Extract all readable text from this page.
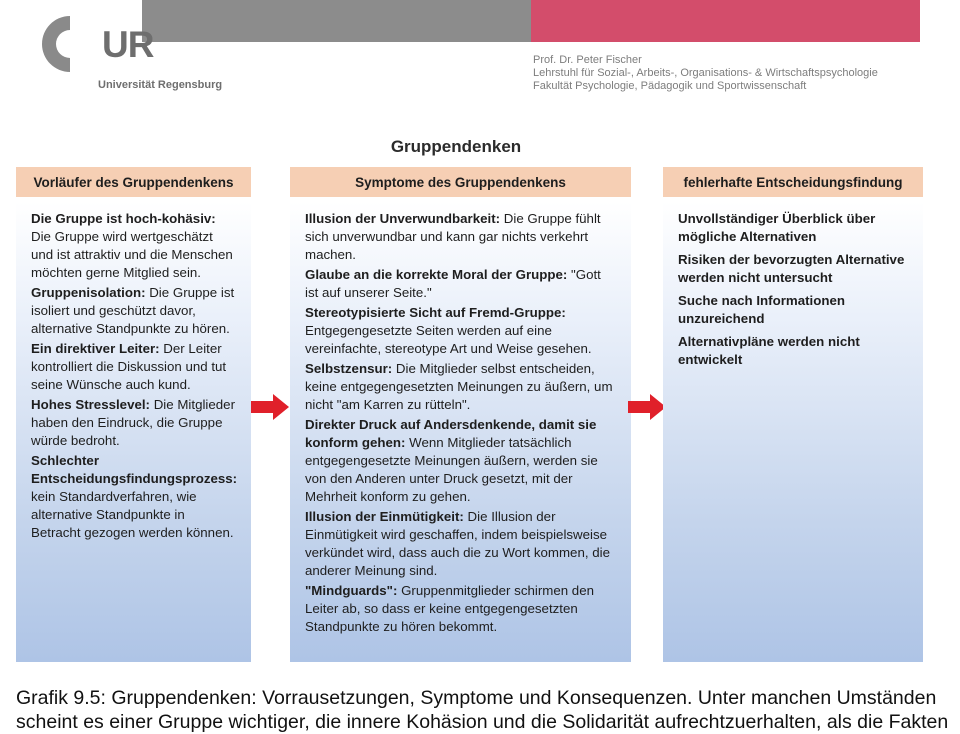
UR
Universität Regensburg
Prof. Dr. Peter Fischer
Lehrstuhl für Sozial-, Arbeits-, Organisations- & Wirtschaftspsychologie
Fakultät Psychologie, Pädagogik und Sportwissenschaft
Gruppendenken
Vorläufer des Gruppendenkens

Die Gruppe ist hoch-kohäsiv: Die Gruppe wird wertgeschätzt und ist attraktiv und die Menschen möchten gerne Mitglied sein.

Gruppenisolation: Die Gruppe ist isoliert und geschützt davor, alternative Standpunkte zu hören.

Ein direktiver Leiter: Der Leiter kontrolliert die Diskussion und tut seine Wünsche auch kund.

Hohes Stresslevel: Die Mitglieder haben den Eindruck, die Gruppe würde bedroht.

Schlechter Entscheidungsfindungsprozess: kein Standardverfahren, wie alternative Standpunkte in Betracht gezogen werden können.

Symptome des Gruppendenkens

Illusion der Unverwundbarkeit: Die Gruppe fühlt sich unverwundbar und kann gar nichts verkehrt machen.

Glaube an die korrekte Moral der Gruppe: "Gott ist auf unserer Seite."

Stereotypisierte Sicht auf Fremd-Gruppe: Entgegengesetzte Seiten werden auf eine vereinfachte, stereotype Art und Weise gesehen.

Selbstzensur: Die Mitglieder selbst entscheiden, keine entgegengesetzten Meinungen zu äußern, um nicht "am Karren zu rütteln".

Direkter Druck auf Andersdenkende, damit sie konform gehen: Wenn Mitglieder tatsächlich entgegengesetzte Meinungen äußern, werden sie von den Anderen unter Druck gesetzt, mit der Mehrheit konform zu gehen.

Illusion der Einmütigkeit: Die Illusion der Einmütigkeit wird geschaffen, indem beispielsweise verkündet wird, dass auch die zu Wort kommen, die anderer Meinung sind.

"Mindguards": Gruppenmitglieder schirmen den Leiter ab, so dass er keine entgegengesetzten Standpunkte zu hören bekommt.

fehlerhafte Entscheidungsfindung

Unvollständiger Überblick über mögliche Alternativen

Risiken der bevorzugten Alternative werden nicht untersucht

Suche nach Informationen unzureichend

Alternativpläne werden nicht entwickelt

Grafik 9.5: Gruppendenken: Vorrausetzungen, Symptome und Konsequenzen. Unter manchen Umständen
scheint es einer Gruppe wichtiger, die innere Kohäsion und die Solidarität aufrechtzuerhalten, als die Fakten
